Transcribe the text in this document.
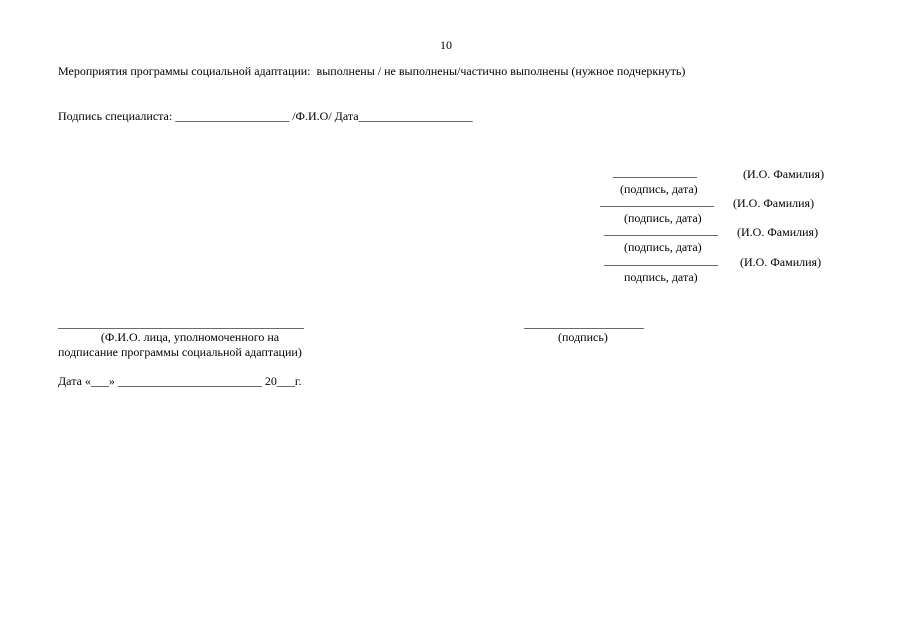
10
Мероприятия программы социальной адаптации:  выполнены / не выполнены/частично выполнены (нужное подчеркнуть)
Подпись специалиста: ___________________ /Ф.И.О/ Дата___________________
______________	(И.О. Фамилия)
(подпись, дата)
___________________ (И.О. Фамилия)
(подпись, дата)
___________________ (И.О. Фамилия)
(подпись, дата)
___________________ (И.О. Фамилия)
подпись, дата)
_________________________________________
(Ф.И.О. лица, уполномоченного на
подписание программы социальной адаптации)
____________________
(подпись)
Дата «___» ________________________ 20___г.
